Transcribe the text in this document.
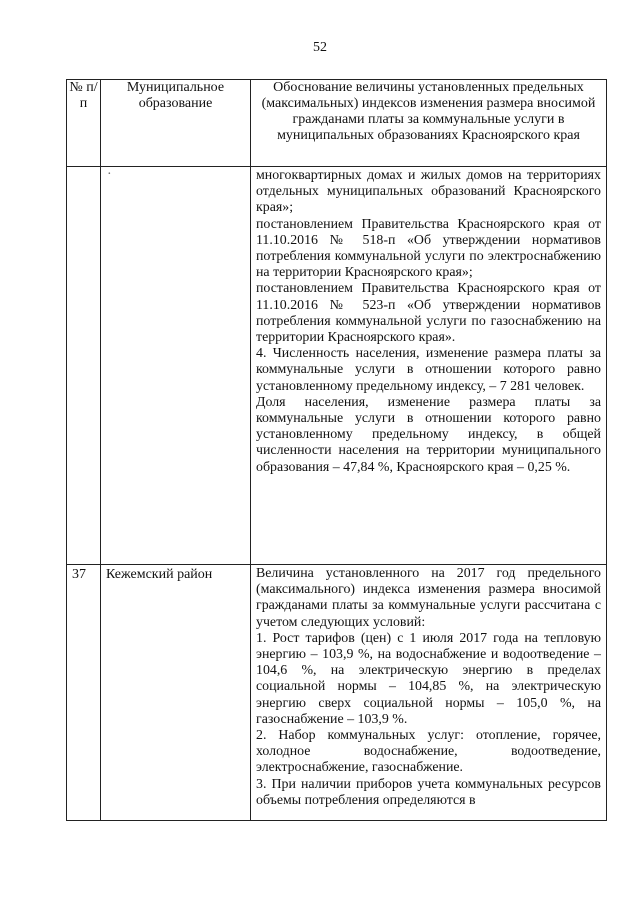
52
№ п/п	Муниципальное образование	Обоснование величины установленных предельных (максимальных) индексов изменения размера вносимой гражданами платы за коммунальные услуги в муниципальных образованиях Красноярского края

	·	многоквартирных домах и жилых домов на территориях отдельных муниципальных образований Красноярского края»;

постановлением Правительства Красноярского края от 11.10.2016 № 518-п «Об утверждении нормативов потребления коммунальной услуги по электроснабжению на территории Красноярского края»;

постановлением Правительства Красноярского края от 11.10.2016 № 523-п «Об утверждении нормативов потребления коммунальной услуги по газоснабжению на территории Красноярского края».

4. Численность населения, изменение размера платы за коммунальные услуги в отношении которого равно установленному предельному индексу, – 7 281 человек.

Доля населения, изменение размера платы за коммунальные услуги в отношении которого равно установленному предельному индексу, в общей численности населения на территории муниципального образования – 47,84 %, Красноярского края – 0,25 %.

37	Кежемский район	Величина установленного на 2017 год предельного (максимального) индекса изменения размера вносимой гражданами платы за коммунальные услуги рассчитана с учетом следующих условий:

1. Рост тарифов (цен) с 1 июля 2017 года на тепловую энергию – 103,9 %, на водоснабжение и водоотведение – 104,6 %, на электрическую энергию в пределах социальной нормы – 104,85 %, на электрическую энергию сверх социальной нормы – 105,0 %, на газоснабжение – 103,9 %.

2. Набор коммунальных услуг: отопление, горячее, холодное водоснабжение, водоотведение, электроснабжение, газоснабжение.

3. При наличии приборов учета коммунальных ресурсов объемы потребления определяются в
